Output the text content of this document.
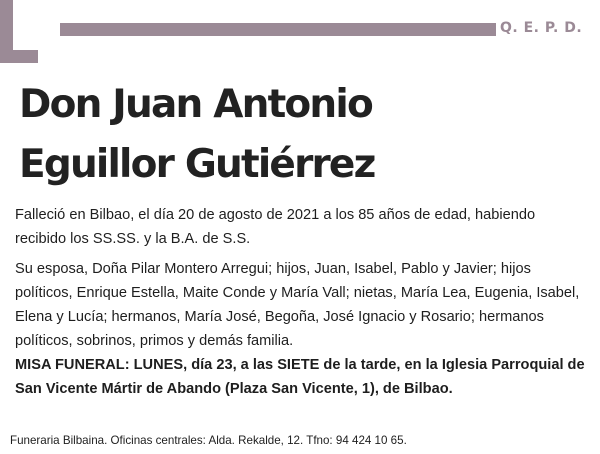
Q. E. P. D.
Don Juan Antonio
Eguillor Gutiérrez

Falleció en Bilbao, el día 20 de agosto de 2021 a los 85 años de edad, habiendo recibido los SS.SS. y la B.A. de S.S.

Su esposa, Doña Pilar Montero Arregui; hijos, Juan, Isabel, Pablo y Javier; hijos políticos, Enrique Estella, Maite Conde y María Vall; nietas, María Lea, Eugenia, Isabel, Elena y Lucía; hermanos, María José, Begoña, José Ignacio y Rosario; hermanos políticos, sobrinos, primos y demás familia.

MISA FUNERAL: LUNES, día 23, a las SIETE de la tarde, en la Iglesia Parroquial de San Vicente Mártir de Abando (Plaza San Vicente, 1), de Bilbao.

Funeraria Bilbaina. Oficinas centrales: Alda. Rekalde, 12. Tfno: 94 424 10 65.
